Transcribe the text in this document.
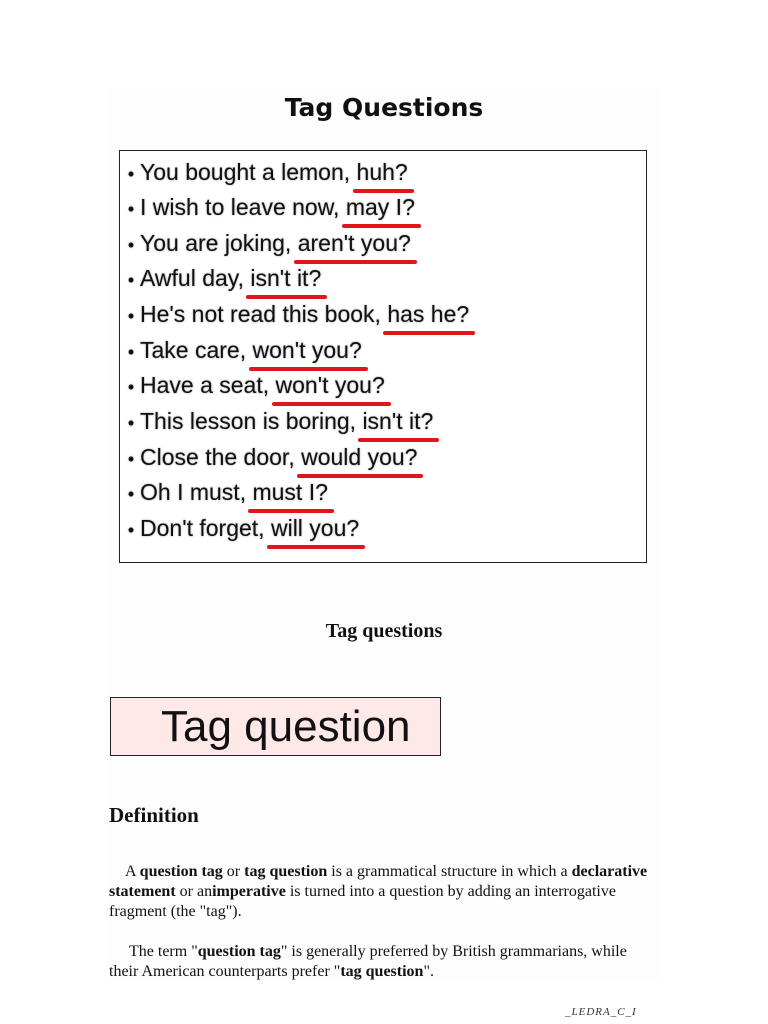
Tag Questions
• You bought a lemon, huh?
• I wish to leave now, may I?
• You are joking, aren't you?
• Awful day, isn't it?
• He's not read this book, has he?
• Take care, won't you?
• Have a seat, won't you?
• This lesson is boring, isn't it?
• Close the door, would you?
• Oh I must, must I?
• Don't forget, will you?
Tag questions
Tag question
Definition
A question tag or tag question is a grammatical structure in which a declarative statement or animperative is turned into a question by adding an interrogative fragment (the "tag").
The term "question tag" is generally preferred by British grammarians, while their American counterparts prefer "tag question".
_LEDRA_C_I
